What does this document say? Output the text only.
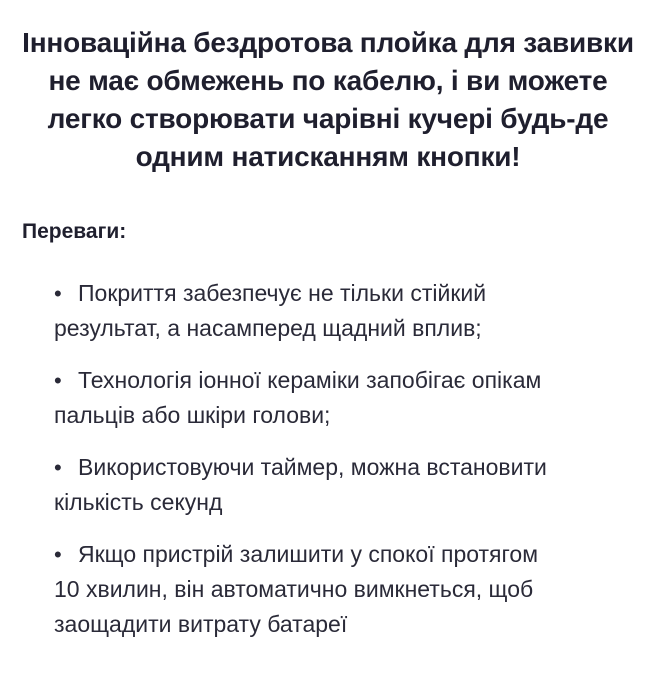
Інноваційна бездротова плойка для завивки не має обмежень по кабелю, і ви можете легко створювати чарівні кучері будь-де одним натисканням кнопки!
Переваги:
• Покриття забезпечує не тільки стійкий результат, а насамперед щадний вплив;
• Технологія іонної кераміки запобігає опікам пальців або шкіри голови;
• Використовуючи таймер, можна встановити кількість секунд
• Якщо пристрій залишити у спокої протягом 10 хвилин, він автоматично вимкнеться, щоб заощадити витрату батареї
